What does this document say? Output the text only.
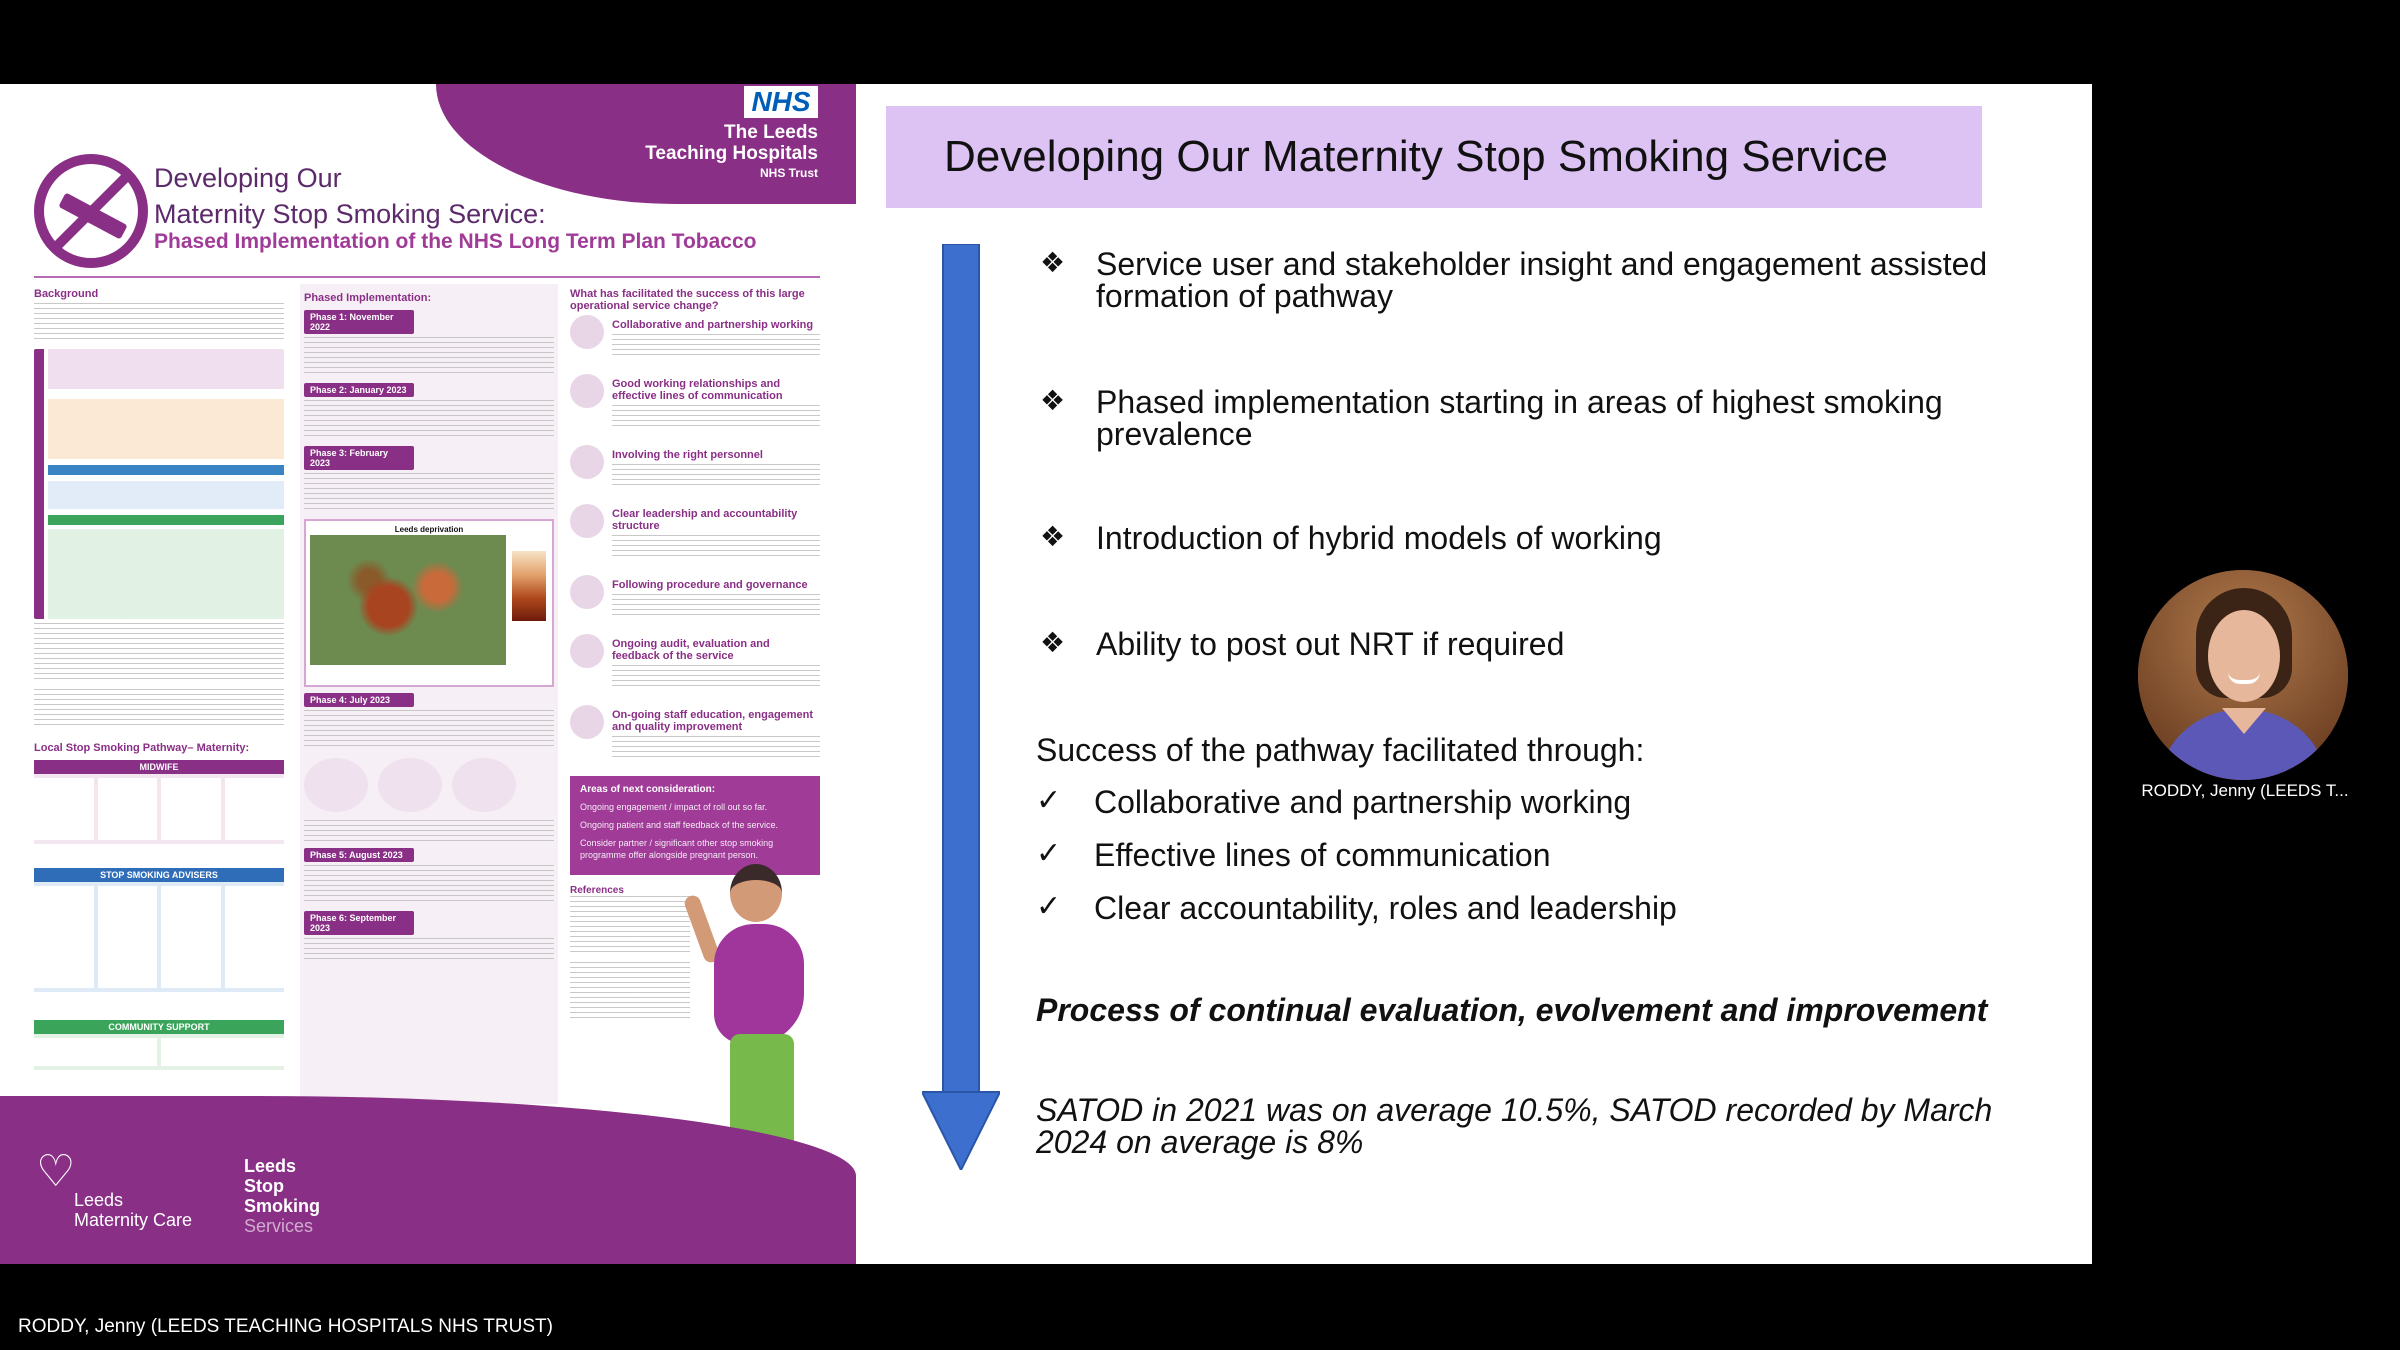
NHS
The Leeds
Teaching Hospitals
NHS Trust
Developing Our
Maternity Stop Smoking Service:
Phased Implementation of the NHS Long Term Plan Tobacco
Background
Local Stop Smoking Pathway– Maternity:
MIDWIFE
STOP SMOKING ADVISERS
COMMUNITY SUPPORT
Phased Implementation:
Phase 1: November 2022
Phase 2: January 2023
Phase 3: February 2023
Leeds deprivation
Phase 4: July 2023
Phase 5: August 2023
Phase 6: September 2023
What has facilitated the success of this large operational service change?
Collaborative and partnership working
Good working relationships and effective lines of communication
Involving the right personnel
Clear leadership and accountability structure
Following procedure and governance
Ongoing audit, evaluation and feedback of the service
On-going staff education, engagement and quality improvement
Areas of next consideration:
Ongoing engagement / impact of roll out so far.
Ongoing patient and staff feedback of the service.
Consider partner / significant other stop smoking programme offer alongside pregnant person.
References
♡
Leeds
Maternity Care
Leeds
Stop
Smoking
Services
Developing Our Maternity Stop Smoking Service
❖ Service user and stakeholder insight and engagement assisted
formation of pathway
❖ Phased implementation starting in areas of highest smoking
prevalence
❖ Introduction of hybrid models of working
❖ Ability to post out NRT if required
Success of the pathway facilitated through:
✓ Collaborative and partnership working
✓ Effective lines of communication
✓ Clear accountability, roles and leadership
Process of continual evaluation, evolvement and improvement
SATOD in 2021 was on average 10.5%, SATOD recorded by March
2024 on average is 8%
RODDY, Jenny (LEEDS T...
RODDY, Jenny (LEEDS TEACHING HOSPITALS NHS TRUST)
